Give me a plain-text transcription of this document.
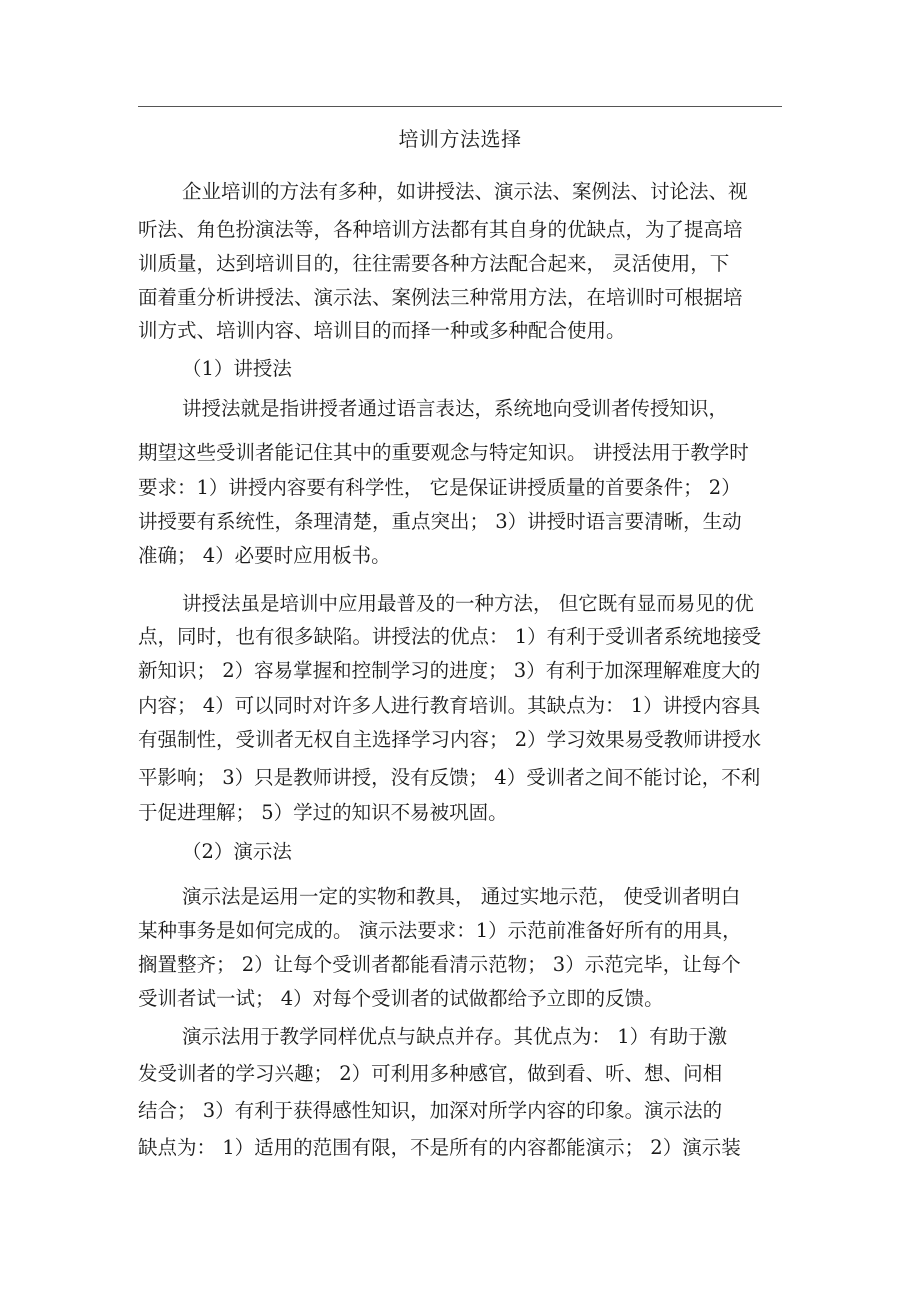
培训方法选择
企业培训的方法有多种，如讲授法、演示法、案例法、讨论法、视
听法、角色扮演法等，各种培训方法都有其自身的优缺点，为了提高培
训质量，达到培训目的，往往需要各种方法配合起来， 灵活使用，下
面着重分析讲授法、演示法、案例法三种常用方法，在培训时可根据培
训方式、培训内容、培训目的而择一种或多种配合使用。
（1）讲授法
讲授法就是指讲授者通过语言表达，系统地向受训者传授知识，
期望这些受训者能记住其中的重要观念与特定知识。 讲授法用于教学时
要求：1）讲授内容要有科学性， 它是保证讲授质量的首要条件； 2）
讲授要有系统性，条理清楚，重点突出； 3）讲授时语言要清晰，生动
准确； 4）必要时应用板书。
讲授法虽是培训中应用最普及的一种方法， 但它既有显而易见的优
点，同时，也有很多缺陷。讲授法的优点： 1）有利于受训者系统地接受
新知识； 2）容易掌握和控制学习的进度； 3）有利于加深理解难度大的
内容； 4）可以同时对许多人进行教育培训。其缺点为： 1）讲授内容具
有强制性，受训者无权自主选择学习内容； 2）学习效果易受教师讲授水
平影响； 3）只是教师讲授，没有反馈； 4）受训者之间不能讨论，不利
于促进理解； 5）学过的知识不易被巩固。
（2）演示法
演示法是运用一定的实物和教具， 通过实地示范， 使受训者明白
某种事务是如何完成的。 演示法要求：1）示范前准备好所有的用具，
搁置整齐； 2）让每个受训者都能看清示范物； 3）示范完毕，让每个
受训者试一试； 4）对每个受训者的试做都给予立即的反馈。
演示法用于教学同样优点与缺点并存。其优点为： 1）有助于激
发受训者的学习兴趣； 2）可利用多种感官，做到看、听、想、问相
结合； 3）有利于获得感性知识，加深对所学内容的印象。演示法的
缺点为： 1）适用的范围有限，不是所有的内容都能演示； 2）演示装
